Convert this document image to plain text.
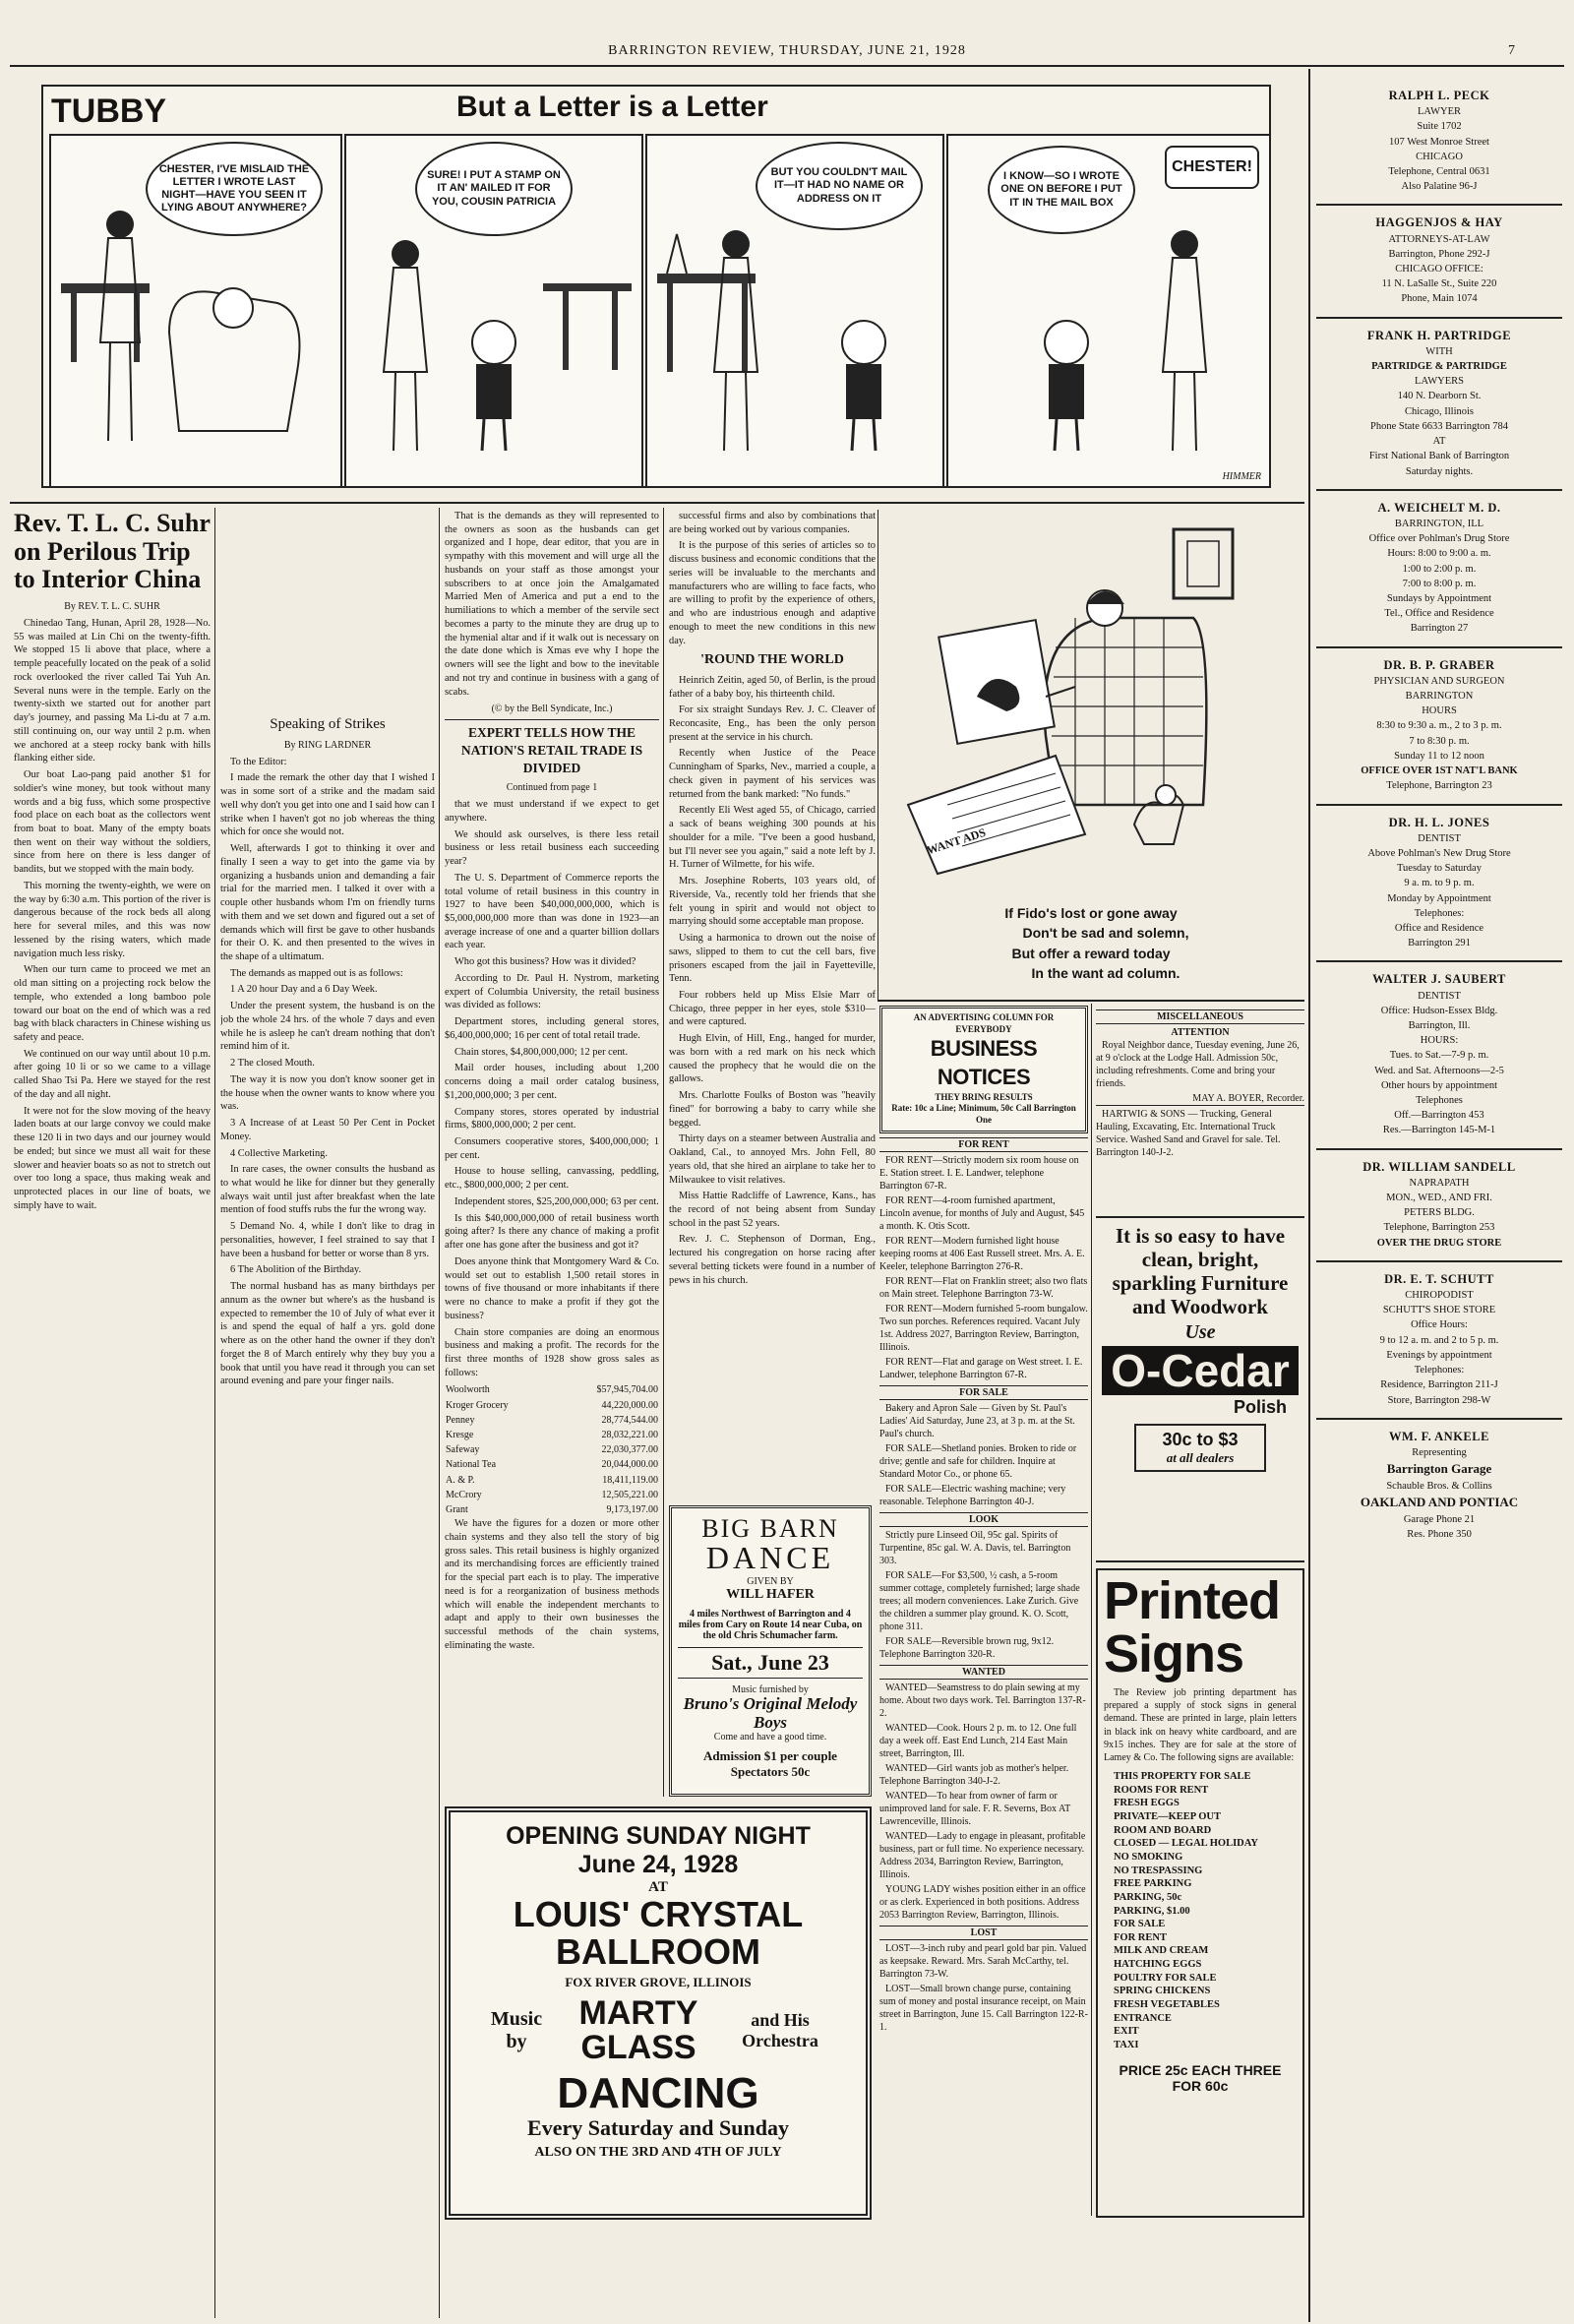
BARRINGTON REVIEW, THURSDAY, JUNE 21, 1928	7
TUBBY	But a Letter is a Letter
CHESTER, I'VE MISLAID THE LETTER I WROTE LAST NIGHT—HAVE YOU SEEN IT LYING ABOUT ANYWHERE?
SURE! I PUT A STAMP ON IT AN' MAILED IT FOR YOU, COUSIN PATRICIA
BUT YOU COULDN'T MAIL IT—IT HAD NO NAME OR ADDRESS ON IT
I KNOW—SO I WROTE ONE ON BEFORE I PUT IT IN THE MAIL BOX
CHESTER!
HIMMER
RALPH L. PECK
LAWYER
Suite 1702
107 West Monroe Street
CHICAGO
Telephone, Central 0631
Also Palatine 96-J
HAGGENJOS & HAY
ATTORNEYS-AT-LAW
Barrington, Phone 292-J
CHICAGO OFFICE:
11 N. LaSalle St., Suite 220
Phone, Main 1074
FRANK H. PARTRIDGE
WITH
PARTRIDGE & PARTRIDGE
LAWYERS
140 N. Dearborn St.
Chicago, Illinois
Phone State 6633 Barrington 784
AT
First National Bank of Barrington
Saturday nights.
A. WEICHELT M. D.
BARRINGTON, ILL
Office over Pohlman's Drug Store
Hours: 8:00 to 9:00 a. m.
1:00 to 2:00 p. m.
7:00 to 8:00 p. m.
Sundays by Appointment
Tel., Office and Residence
Barrington 27
DR. B. P. GRABER
PHYSICIAN AND SURGEON
BARRINGTON
HOURS
8:30 to 9:30 a. m., 2 to 3 p. m.
7 to 8:30 p. m.
Sunday 11 to 12 noon
OFFICE OVER 1ST NAT'L BANK
Telephone, Barrington 23
DR. H. L. JONES
DENTIST
Above Pohlman's New Drug Store
Tuesday to Saturday
9 a. m. to 9 p. m.
Monday by Appointment
Telephones:
Office and Residence
Barrington 291
WALTER J. SAUBERT
DENTIST
Office: Hudson-Essex Bldg.
Barrington, Ill.
HOURS:
Tues. to Sat.—7-9 p. m.
Wed. and Sat. Afternoons—2-5
Other hours by appointment
Telephones
Off.—Barrington 453
Res.—Barrington 145-M-1
DR. WILLIAM SANDELL
NAPRAPATH
MON., WED., AND FRI.
PETERS BLDG.
Telephone, Barrington 253
OVER THE DRUG STORE
DR. E. T. SCHUTT
CHIROPODIST
SCHUTT'S SHOE STORE
Office Hours:
9 to 12 a. m. and 2 to 5 p. m.
Evenings by appointment
Telephones:
Residence, Barrington 211-J
Store, Barrington 298-W
WM. F. ANKELE
Representing
Barrington Garage
Schauble Bros. & Collins
OAKLAND AND PONTIAC
Garage Phone 21
Res. Phone 350
Rev. T. L. C. Suhr on Perilous Trip to Interior China
By REV. T. L. C. SUHR

Chinedao Tang, Hunan, April 28, 1928—No. 55 was mailed at Lin Chi on the twenty-fifth. We stopped 15 li above that place, where a temple peacefully located on the peak of a solid rock overlooked the river called Tai Yuh An. Several nuns were in the temple. Early on the twenty-sixth we started out for another part day's journey, and passing Ma Li-du at 7 a.m. still continuing on, our way until 2 p.m. when we anchored at a steep rocky bank with hills flanking either side.

Our boat Lao-pang paid another $1 for soldier's wine money, but took without many words and a big fuss, which some prospective food place on each boat as the collectors went from boat to boat. Many of the empty boats then went on their way without the soldiers, since from here on there is less danger of bandits, but we stopped with the main body.

This morning the twenty-eighth, we were on the way by 6:30 a.m. This portion of the river is dangerous because of the rock beds all along here for several miles, and this was now lessened by the rising waters, which made navigation much less risky.

When our turn came to proceed we met an old man sitting on a projecting rock below the temple, who extended a long bamboo pole toward our boat on the end of which was a red bag with black characters in Chinese wishing us safety and peace.

We continued on our way until about 10 p.m. after going 10 li or so we came to a village called Shao Tsi Pa. Here we stayed for the rest of the day and all night.

It were not for the slow moving of the heavy laden boats at our large convoy we could make these 120 li in two days and our journey would be ended; but since we must all wait for these slower and heavier boats so as not to stretch out over too long a space, thus making weak and unprotected places in our line of boats, we simply have to wait.

Speaking of Strikes
By RING LARDNER

To the Editor:

I made the remark the other day that I wished I was in some sort of a strike and the madam said well why don't you get into one and I said how can I strike when I haven't got no job whereas the thing which for once she would not.

Well, afterwards I got to thinking it over and finally I seen a way to get into the game via by organizing a husbands union and demanding a fair trial for the married men. I talked it over with a couple other husbands whom I'm on friendly turns with them and we set down and figured out a set of demands which will first be gave to other husbands for their O. K. and then presented to the wives in the shape of a ultimatum.

The demands as mapped out is as follows:

1 A 20 hour Day and a 6 Day Week.

Under the present system, the husband is on the job the whole 24 hrs. of the whole 7 days and even while he is asleep he can't dream nothing that don't remind him of it.

2 The closed Mouth.

The way it is now you don't know sooner get in the house when the owner wants to know where you was.

3 A Increase of at Least 50 Per Cent in Pocket Money.

4 Collective Marketing.

In rare cases, the owner consults the husband as to what would he like for dinner but they generally always wait until just after breakfast when the late mention of food stuffs rubs the fur the wrong way.

5 Demand No. 4, while I don't like to drag in personalities, however, I feel strained to say that I have been a husband for better or worse than 8 yrs.

6 The Abolition of the Birthday.

The normal husband has as many birthdays per annum as the owner but where's as the husband is expected to remember the 10 of July of what ever it is and spend the equal of half a yrs. gold done where as on the other hand the owner if they don't forget the 8 of March entirely why they buy you a book that until you have read it through you can set around evening and pare your finger nails.

That is the demands as they will represented to the owners as soon as the husbands can get organized and I hope, dear editor, that you are in sympathy with this movement and will urge all the husbands on your staff as those amongst your subscribers to at once join the Amalgamated Married Men of America and put a end to the humiliations to which a member of the servile sect becomes a party to the minute they are drug up to the hymenial altar and if it walk out is necessary on the date done which is Xmas eve why I hope the owners will see the light and bow to the inevitable and not try and continue in business with a gang of scabs.

(© by the Bell Syndicate, Inc.)
EXPERT TELLS HOW THE NATION'S RETAIL TRADE IS DIVIDED
Continued from page 1

that we must understand if we expect to get anywhere.

We should ask ourselves, is there less retail business or less retail business each succeeding year?

The U. S. Department of Commerce reports the total volume of retail business in this country in 1927 to have been $40,000,000,000, which is $5,000,000,000 more than was done in 1923—an average increase of one and a quarter billion dollars each year.

Who got this business? How was it divided?

According to Dr. Paul H. Nystrom, marketing expert of Columbia University, the retail business was divided as follows:

Department stores, including general stores, $6,400,000,000; 16 per cent of total retail trade.

Chain stores, $4,800,000,000; 12 per cent.

Mail order houses, including about 1,200 concerns doing a mail order catalog business, $1,200,000,000; 3 per cent.

Company stores, stores operated by industrial firms, $800,000,000; 2 per cent.

Consumers cooperative stores, $400,000,000; 1 per cent.

House to house selling, canvassing, peddling, etc., $800,000,000; 2 per cent.

Independent stores, $25,200,000,000; 63 per cent.

Is this $40,000,000,000 of retail business worth going after? Is there any chance of making a profit after one has gone after the business and got it?

Does anyone think that Montgomery Ward & Co. would set out to establish 1,500 retail stores in towns of five thousand or more inhabitants if there were no chance to make a profit if they got the business?

Chain store companies are doing an enormous business and making a profit. The records for the first three months of 1928 show gross sales as follows:

Woolworth	$57,945,704.00
Kroger Grocery	44,220,000.00
Penney	28,774,544.00
Kresge	28,032,221.00
Safeway	22,030,377.00
National Tea	20,044,000.00
A. & P.	18,411,119.00
McCrory	12,505,221.00
Grant	9,173,197.00

We have the figures for a dozen or more other chain systems and they also tell the story of big gross sales. This retail business is highly organized and its merchandising forces are efficiently trained for the special part each is to play. The imperative need is for a reorganization of business methods which will enable the independent merchants to adapt and apply to their own businesses the successful methods of the chain systems, eliminating the waste.

successful firms and also by combinations that are being worked out by various companies.

It is the purpose of this series of articles so to discuss business and economic conditions that the series will be invaluable to the merchants and manufacturers who are willing to face facts, who are willing to profit by the experience of others, and who are industrious enough and adaptive enough to meet the new conditions in this new day.

'ROUND THE WORLD

Heinrich Zeitin, aged 50, of Berlin, is the proud father of a baby boy, his thirteenth child.

For six straight Sundays Rev. J. C. Cleaver of Reconcasite, Eng., has been the only person present at the service in his church.

Recently when Justice of the Peace Cunningham of Sparks, Nev., married a couple, a check given in payment of his services was returned from the bank marked: "No funds."

Recently Eli West aged 55, of Chicago, carried a sack of beans weighing 300 pounds at his shoulder for a mile. "I've been a good husband, but I'll never see you again," said a note left by J. H. Turner of Wilmette, for his wife.

Mrs. Josephine Roberts, 103 years old, of Riverside, Va., recently told her friends that she felt young in spirit and would not object to marrying should some acceptable man propose.

Using a harmonica to drown out the noise of saws, slipped to them to cut the cell bars, five prisoners escaped from the jail in Fayetteville, Tenn.

Four robbers held up Miss Elsie Marr of Chicago, three pepper in her eyes, stole $310—and were captured.

Hugh Elvin, of Hill, Eng., hanged for murder, was born with a red mark on his neck which caused the prophecy that he would die on the gallows.

Mrs. Charlotte Foulks of Boston was "heavily fined" for borrowing a baby to carry while she begged.

Thirty days on a steamer between Australia and Oakland, Cal., to annoyed Mrs. John Fell, 80 years old, that she hired an airplane to take her to Milwaukee to visit relatives.

Miss Hattie Radcliffe of Lawrence, Kans., has the record of not being absent from Sunday school in the past 52 years.

Rev. J. C. Stephenson of Dorman, Eng., lectured his congregation on horse racing after several betting tickets were found in a number of pews in his church.

BIG BARN
DANCE
GIVEN BY
WILL HAFER
4 miles Northwest of Barrington and 4 miles from Cary on Route 14 near Cuba, on the old Chris Schumacher farm.
Sat., June 23
Music furnished by
Bruno's Original Melody Boys
Come and have a good time.
Admission $1 per couple
Spectators 50c
WANT ADS
If Fido's lost or gone away
Don't be sad and solemn,
But offer a reward today
In the want ad column.
AN ADVERTISING COLUMN FOR EVERYBODY
BUSINESS NOTICES
THEY BRING RESULTS
Rate: 10c a Line; Minimum, 50c Call Barrington One
FOR RENT

FOR RENT—Strictly modern six room house on E. Station street. I. E. Landwer, telephone Barrington 67-R.

FOR RENT—4-room furnished apartment, Lincoln avenue, for months of July and August, $45 a month. K. Otis Scott.

FOR RENT—Modern furnished light house keeping rooms at 406 East Russell street. Mrs. A. E. Keeler, telephone Barrington 276-R.

FOR RENT—Flat on Franklin street; also two flats on Main street. Telephone Barrington 73-W.

FOR RENT—Modern furnished 5-room bungalow. Two sun porches. References required. Vacant July 1st. Address 2027, Barrington Review, Barrington, Illinois.

FOR RENT—Flat and garage on West street. I. E. Landwer, telephone Barrington 67-R.

FOR SALE

Bakery and Apron Sale — Given by St. Paul's Ladies' Aid Saturday, June 23, at 3 p. m. at the St. Paul's church.

FOR SALE—Shetland ponies. Broken to ride or drive; gentle and safe for children. Inquire at Standard Motor Co., or phone 65.

FOR SALE—Electric washing machine; very reasonable. Telephone Barrington 40-J.

LOOK

Strictly pure Linseed Oil, 95c gal. Spirits of Turpentine, 85c gal. W. A. Davis, tel. Barrington 303.

FOR SALE—For $3,500, ½ cash, a 5-room summer cottage, completely furnished; large shade trees; all modern conveniences. Lake Zurich. Give the children a summer play ground. K. O. Scott, phone 311.

FOR SALE—Reversible brown rug, 9x12. Telephone Barrington 320-R.

WANTED

WANTED—Seamstress to do plain sewing at my home. About two days work. Tel. Barrington 137-R-2.

WANTED—Cook. Hours 2 p. m. to 12. One full day a week off. East End Lunch, 214 East Main street, Barrington, Ill.

WANTED—Girl wants job as mother's helper. Telephone Barrington 340-J-2.

WANTED—To hear from owner of farm or unimproved land for sale. F. R. Severns, Box AT Lawrenceville, Illinois.

WANTED—Lady to engage in pleasant, profitable business, part or full time. No experience necessary. Address 2034, Barrington Review, Barrington, Illinois.

YOUNG LADY wishes position either in an office or as clerk. Experienced in both positions. Address 2053 Barrington Review, Barrington, Illinois.

LOST

LOST—3-inch ruby and pearl gold bar pin. Valued as keepsake. Reward. Mrs. Sarah McCarthy, tel. Barrington 73-W.

LOST—Small brown change purse, containing sum of money and postal insurance receipt, on Main street in Barrington, June 15. Call Barrington 122-R-1.

MISCELLANEOUS
ATTENTION

Royal Neighbor dance, Tuesday evening, June 26, at 9 o'clock at the Lodge Hall. Admission 50c, including refreshments. Come and bring your friends.

MAY A. BOYER, Recorder.

HARTWIG & SONS — Trucking, General Hauling, Excavating, Etc. International Truck Service. Washed Sand and Gravel for sale. Tel. Barrington 140-J-2.

It is so easy to have clean, bright, sparkling Furniture and Woodwork
Use
O-Cedar
Polish
30c to $3
at all dealers
Printed
Signs
The Review job printing department has prepared a supply of stock signs in general demand. These are printed in large, plain letters in black ink on heavy white cardboard, and are 9x15 inches. They are for sale at the store of Lamey & Co. The following signs are available:
THIS PROPERTY FOR SALE
ROOMS FOR RENT
FRESH EGGS
PRIVATE—KEEP OUT
ROOM AND BOARD
CLOSED — LEGAL HOLIDAY
NO SMOKING
NO TRESPASSING
FREE PARKING
PARKING, 50c
PARKING, $1.00
FOR SALE
FOR RENT
MILK AND CREAM
HATCHING EGGS
POULTRY FOR SALE
SPRING CHICKENS
FRESH VEGETABLES
ENTRANCE
EXIT
TAXI
PRICE 25c EACH THREE FOR 60c
OPENING SUNDAY NIGHT
June 24, 1928
AT
LOUIS' CRYSTAL BALLROOM
FOX RIVER GROVE, ILLINOIS
Music by
MARTY GLASS
and His Orchestra
DANCING
Every Saturday and Sunday
ALSO ON THE 3RD AND 4TH OF JULY
